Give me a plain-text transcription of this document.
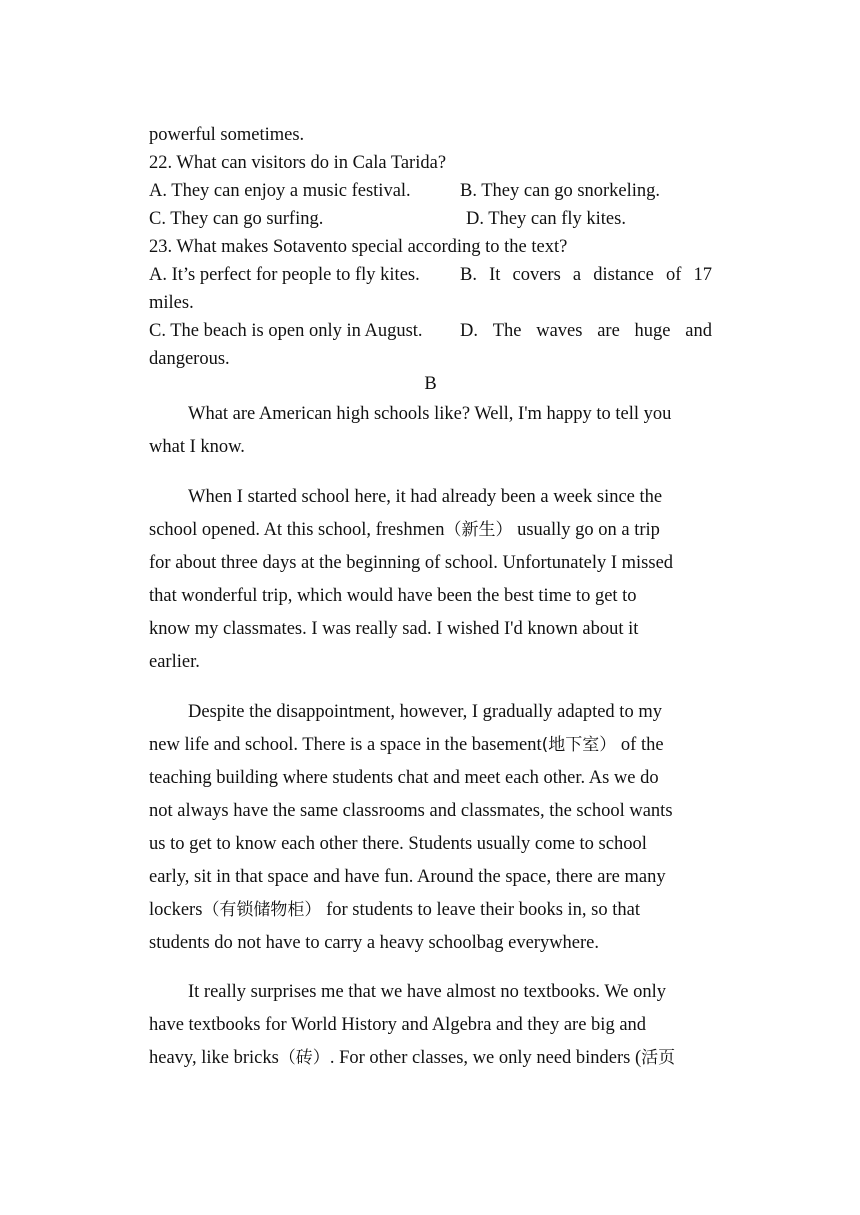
powerful sometimes.
22. What can visitors do in Cala Tarida?
A. They can enjoy a music festival.	B. They can go snorkeling.
C. They can go surfing.	D. They can fly kites.
23. What makes Sotavento special according to the text?
A. It’s perfect for people to fly kites. B. It covers a distance of 17
miles.
C. The beach is open only in August. D. The waves are huge and
dangerous.
B
What are American high schools like? Well, I'm happy to tell you
what I know.
When I started school here, it had already been a week since the
school opened. At this school, freshmen（新生） usually go on a trip
for about three days at the beginning of school. Unfortunately I missed
that wonderful trip, which would have been the best time to get to
know my classmates. I was really sad. I wished I'd known about it
earlier.
Despite the disappointment, however, I gradually adapted to my
new life and school. There is a space in the basement(地下室） of the
teaching building where students chat and meet each other. As we do
not always have the same classrooms and classmates, the school wants
us to get to know each other there. Students usually come to school
early, sit in that space and have fun. Around the space, there are many
lockers（有锁储物柜） for students to leave their books in, so that
students do not have to carry a heavy schoolbag everywhere.
It really surprises me that we have almost no textbooks. We only
have textbooks for World History and Algebra and they are big and
heavy, like bricks（砖）. For other classes, we only need binders (活页
